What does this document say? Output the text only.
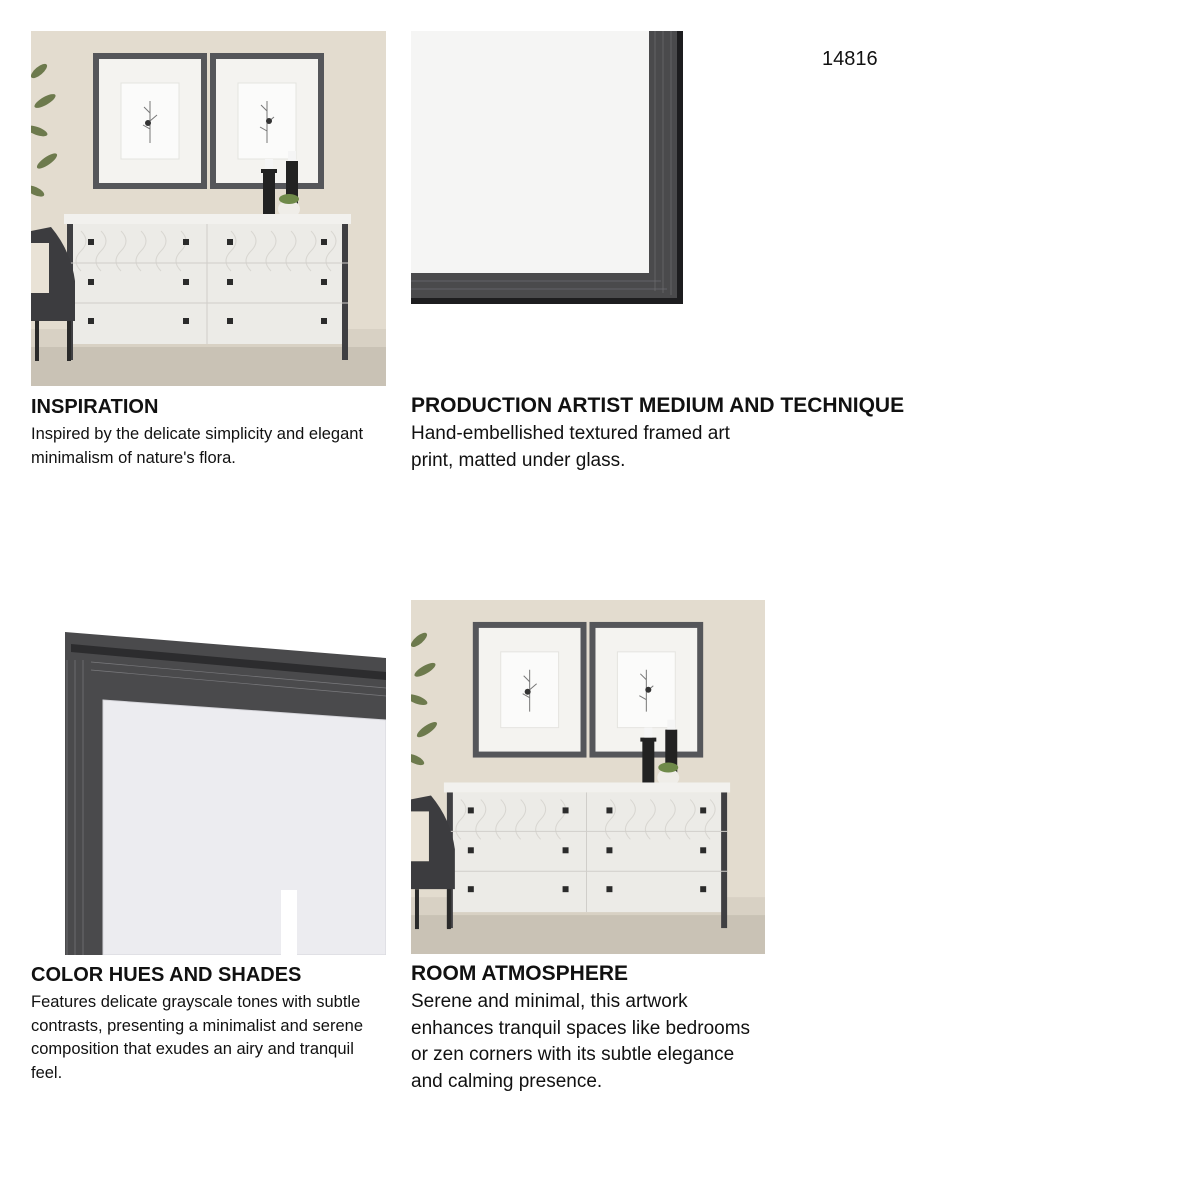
14816

INSPIRATION

Inspired by the delicate simplicity and elegant minimalism of nature's flora.

PRODUCTION ARTIST MEDIUM AND TECHNIQUE

Hand-embellished textured framed art print, matted under glass.

COLOR HUES AND SHADES

Features delicate grayscale tones with subtle contrasts, presenting a minimalist and serene composition that exudes an airy and tranquil feel.

ROOM ATMOSPHERE

Serene and minimal, this artwork enhances tranquil spaces like bedrooms or zen corners with its subtle elegance and calming presence.
